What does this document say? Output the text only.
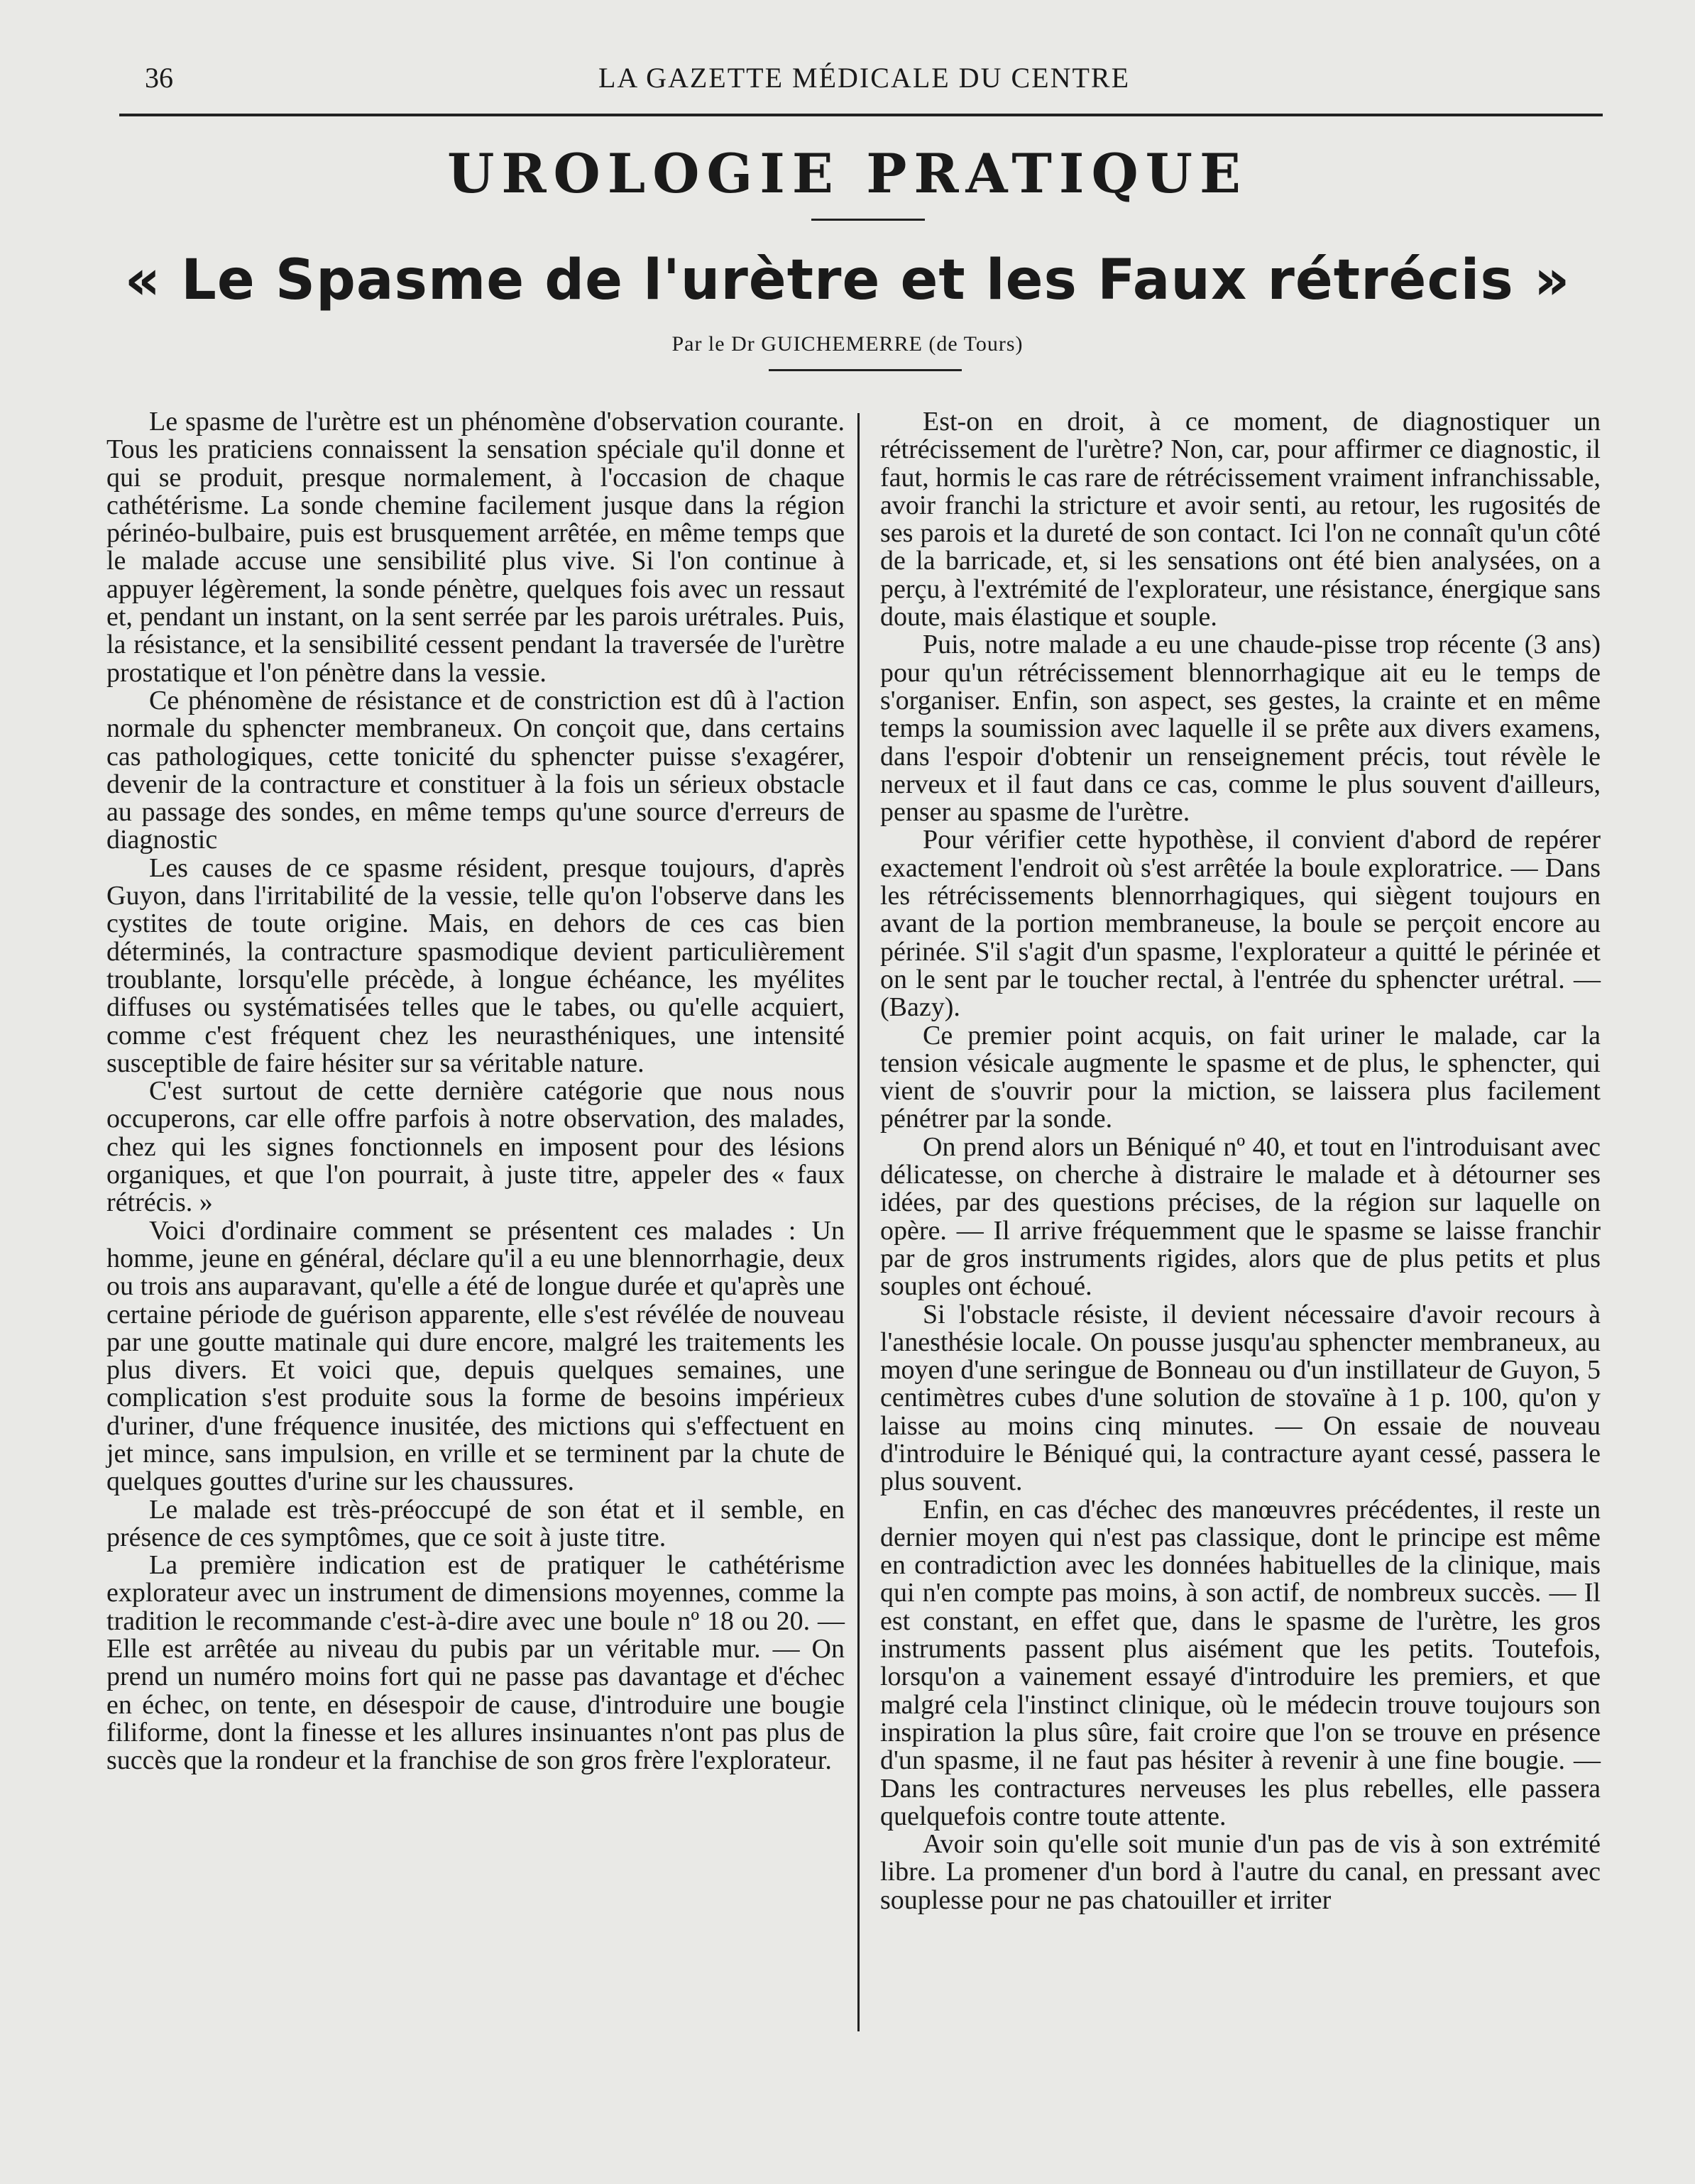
36	LA GAZETTE MÉDICALE DU CENTRE
UROLOGIE PRATIQUE
« Le Spasme de l'urètre et les Faux rétrécis »
Par le Dr GUICHEMERRE (de Tours)

Le spasme de l'urètre est un phénomène d'observation courante. Tous les praticiens connaissent la sensation spéciale qu'il donne et qui se produit, presque normalement, à l'occasion de chaque cathétérisme. La sonde chemine facilement jusque dans la région périnéo-bulbaire, puis est brusquement arrêtée, en même temps que le malade accuse une sensibilité plus vive. Si l'on continue à appuyer légèrement, la sonde pénètre, quelques fois avec un ressaut et, pendant un instant, on la sent serrée par les parois urétrales. Puis, la résistance, et la sensibilité cessent pendant la traversée de l'urètre prostatique et l'on pénètre dans la vessie.

Ce phénomène de résistance et de constriction est dû à l'action normale du sphencter membraneux. On conçoit que, dans certains cas pathologiques, cette tonicité du sphencter puisse s'exagérer, devenir de la contracture et constituer à la fois un sérieux obstacle au passage des sondes, en même temps qu'une source d'erreurs de diagnostic

Les causes de ce spasme résident, presque toujours, d'après Guyon, dans l'irritabilité de la vessie, telle qu'on l'observe dans les cystites de toute origine. Mais, en dehors de ces cas bien déterminés, la contracture spasmodique devient particulièrement troublante, lorsqu'elle précède, à longue échéance, les myélites diffuses ou systématisées telles que le tabes, ou qu'elle acquiert, comme c'est fréquent chez les neurasthéniques, une intensité susceptible de faire hésiter sur sa véritable nature.

C'est surtout de cette dernière catégorie que nous nous occuperons, car elle offre parfois à notre observation, des malades, chez qui les signes fonctionnels en imposent pour des lésions organiques, et que l'on pourrait, à juste titre, appeler des « faux rétrécis. »

Voici d'ordinaire comment se présentent ces malades : Un homme, jeune en général, déclare qu'il a eu une blennorrhagie, deux ou trois ans auparavant, qu'elle a été de longue durée et qu'après une certaine période de guérison apparente, elle s'est révélée de nouveau par une goutte matinale qui dure encore, malgré les traitements les plus divers. Et voici que, depuis quelques semaines, une complication s'est produite sous la forme de besoins impérieux d'uriner, d'une fréquence inusitée, des mictions qui s'effectuent en jet mince, sans impulsion, en vrille et se terminent par la chute de quelques gouttes d'urine sur les chaussures.

Le malade est très-préoccupé de son état et il semble, en présence de ces symptômes, que ce soit à juste titre.

La première indication est de pratiquer le cathétérisme explorateur avec un instrument de dimensions moyennes, comme la tradition le recommande c'est-à-dire avec une boule nº 18 ou 20. — Elle est arrêtée au niveau du pubis par un véritable mur. — On prend un numéro moins fort qui ne passe pas davantage et d'échec en échec, on tente, en désespoir de cause, d'introduire une bougie filiforme, dont la finesse et les allures insinuantes n'ont pas plus de succès que la rondeur et la franchise de son gros frère l'explorateur.

Est-on en droit, à ce moment, de diagnostiquer un rétrécissement de l'urètre? Non, car, pour affirmer ce diagnostic, il faut, hormis le cas rare de rétrécissement vraiment infranchissable, avoir franchi la stricture et avoir senti, au retour, les rugosités de ses parois et la dureté de son contact. Ici l'on ne connaît qu'un côté de la barricade, et, si les sensations ont été bien analysées, on a perçu, à l'extrémité de l'explorateur, une résistance, énergique sans doute, mais élastique et souple.

Puis, notre malade a eu une chaude-pisse trop récente (3 ans) pour qu'un rétrécissement blennorrhagique ait eu le temps de s'organiser. Enfin, son aspect, ses gestes, la crainte et en même temps la soumission avec laquelle il se prête aux divers examens, dans l'espoir d'obtenir un renseignement précis, tout révèle le nerveux et il faut dans ce cas, comme le plus souvent d'ailleurs, penser au spasme de l'urètre.

Pour vérifier cette hypothèse, il convient d'abord de repérer exactement l'endroit où s'est arrêtée la boule exploratrice. — Dans les rétrécissements blennorrhagiques, qui siègent toujours en avant de la portion membraneuse, la boule se perçoit encore au périnée. S'il s'agit d'un spasme, l'explorateur a quitté le périnée et on le sent par le toucher rectal, à l'entrée du sphencter urétral. — (Bazy).

Ce premier point acquis, on fait uriner le malade, car la tension vésicale augmente le spasme et de plus, le sphencter, qui vient de s'ouvrir pour la miction, se laissera plus facilement pénétrer par la sonde.

On prend alors un Béniqué nº 40, et tout en l'introduisant avec délicatesse, on cherche à distraire le malade et à détourner ses idées, par des questions précises, de la région sur laquelle on opère. — Il arrive fréquemment que le spasme se laisse franchir par de gros instruments rigides, alors que de plus petits et plus souples ont échoué.

Si l'obstacle résiste, il devient nécessaire d'avoir recours à l'anesthésie locale. On pousse jusqu'au sphencter membraneux, au moyen d'une seringue de Bonneau ou d'un instillateur de Guyon, 5 centimètres cubes d'une solution de stovaïne à 1 p. 100, qu'on y laisse au moins cinq minutes. — On essaie de nouveau d'introduire le Béniqué qui, la contracture ayant cessé, passera le plus souvent.

Enfin, en cas d'échec des manœuvres précédentes, il reste un dernier moyen qui n'est pas classique, dont le principe est même en contradiction avec les données habituelles de la clinique, mais qui n'en compte pas moins, à son actif, de nombreux succès. — Il est constant, en effet que, dans le spasme de l'urètre, les gros instruments passent plus aisément que les petits. Toutefois, lorsqu'on a vainement essayé d'introduire les premiers, et que malgré cela l'instinct clinique, où le médecin trouve toujours son inspiration la plus sûre, fait croire que l'on se trouve en présence d'un spasme, il ne faut pas hésiter à revenir à une fine bougie. — Dans les contractures nerveuses les plus rebelles, elle passera quelquefois contre toute attente.

Avoir soin qu'elle soit munie d'un pas de vis à son extrémité libre. La promener d'un bord à l'autre du canal, en pressant avec souplesse pour ne pas chatouiller et irriter
